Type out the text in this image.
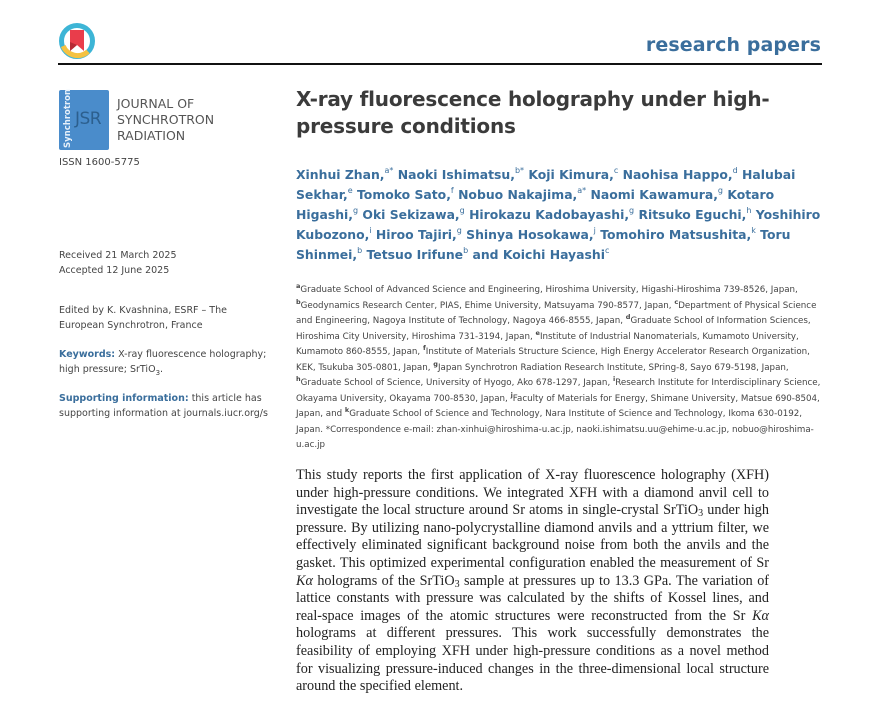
research papers
Synchrotron JSR
JOURNAL OF
SYNCHROTRON
RADIATION
ISSN 1600-5775
Received 21 March 2025
Accepted 12 June 2025
Edited by K. Kvashnina, ESRF – The European Synchrotron, France
Keywords: X-ray fluorescence holography; high pressure; SrTiO$_3$.
Supporting information: this article has supporting information at journals.iucr.org/s
X-ray fluorescence holography under high-pressure conditions
Xinhui Zhan,$^{a*}$ Naoki Ishimatsu,$^{b*}$ Koji Kimura,$^c$ Naohisa Happo,$^d$ Halubai Sekhar,$^e$ Tomoko Sato,$^f$ Nobuo Nakajima,$^{a*}$ Naomi Kawamura,$^g$ Kotaro Higashi,$^g$ Oki Sekizawa,$^g$ Hirokazu Kadobayashi,$^g$ Ritsuko Eguchi,$^h$ Yoshihiro Kubozono,$^i$ Hiroo Tajiri,$^g$ Shinya Hosokawa,$^j$ Tomohiro Matsushita,$^k$ Toru Shinmei,$^b$ Tetsuo Irifune$^b$ and Koichi Hayashi$^c$
$^a$Graduate School of Advanced Science and Engineering, Hiroshima University, Higashi-Hiroshima 739-8526, Japan, $^b$Geodynamics Research Center, PIAS, Ehime University, Matsuyama 790-8577, Japan, $^c$Department of Physical Science and Engineering, Nagoya Institute of Technology, Nagoya 466-8555, Japan, $^d$Graduate School of Information Sciences, Hiroshima City University, Hiroshima 731-3194, Japan, $^e$Institute of Industrial Nanomaterials, Kumamoto University, Kumamoto 860-8555, Japan, $^f$Institute of Materials Structure Science, High Energy Accelerator Research Organization, KEK, Tsukuba 305-0801, Japan, $^g$Japan Synchrotron Radiation Research Institute, SPring-8, Sayo 679-5198, Japan, $^h$Graduate School of Science, University of Hyogo, Ako 678-1297, Japan, $^i$Research Institute for Interdisciplinary Science, Okayama University, Okayama 700-8530, Japan, $^j$Faculty of Materials for Energy, Shimane University, Matsue 690-8504, Japan, and $^k$Graduate School of Science and Technology, Nara Institute of Science and Technology, Ikoma 630-0192, Japan. *Correspondence e-mail: zhan-xinhui@hiroshima-u.ac.jp, naoki.ishimatsu.uu@ehime-u.ac.jp, nobuo@hiroshima-u.ac.jp
This study reports the first application of X-ray fluorescence holography (XFH) under high-pressure conditions. We integrated XFH with a diamond anvil cell to investigate the local structure around Sr atoms in single-crystal SrTiO$_3$ under high pressure. By utilizing nano-polycrystalline diamond anvils and a yttrium filter, we effectively eliminated significant background noise from both the anvils and the gasket. This optimized experimental configuration enabled the measurement of Sr Kα holograms of the SrTiO$_3$ sample at pressures up to 13.3 GPa. The variation of lattice constants with pressure was calculated by the shifts of Kossel lines, and real-space images of the atomic structures were reconstructed from the Sr Kα holograms at different pressures. This work successfully demonstrates the feasibility of employing XFH under high-pressure conditions as a novel method for visualizing pressure-induced changes in the three-dimensional local structure around the specified element.
